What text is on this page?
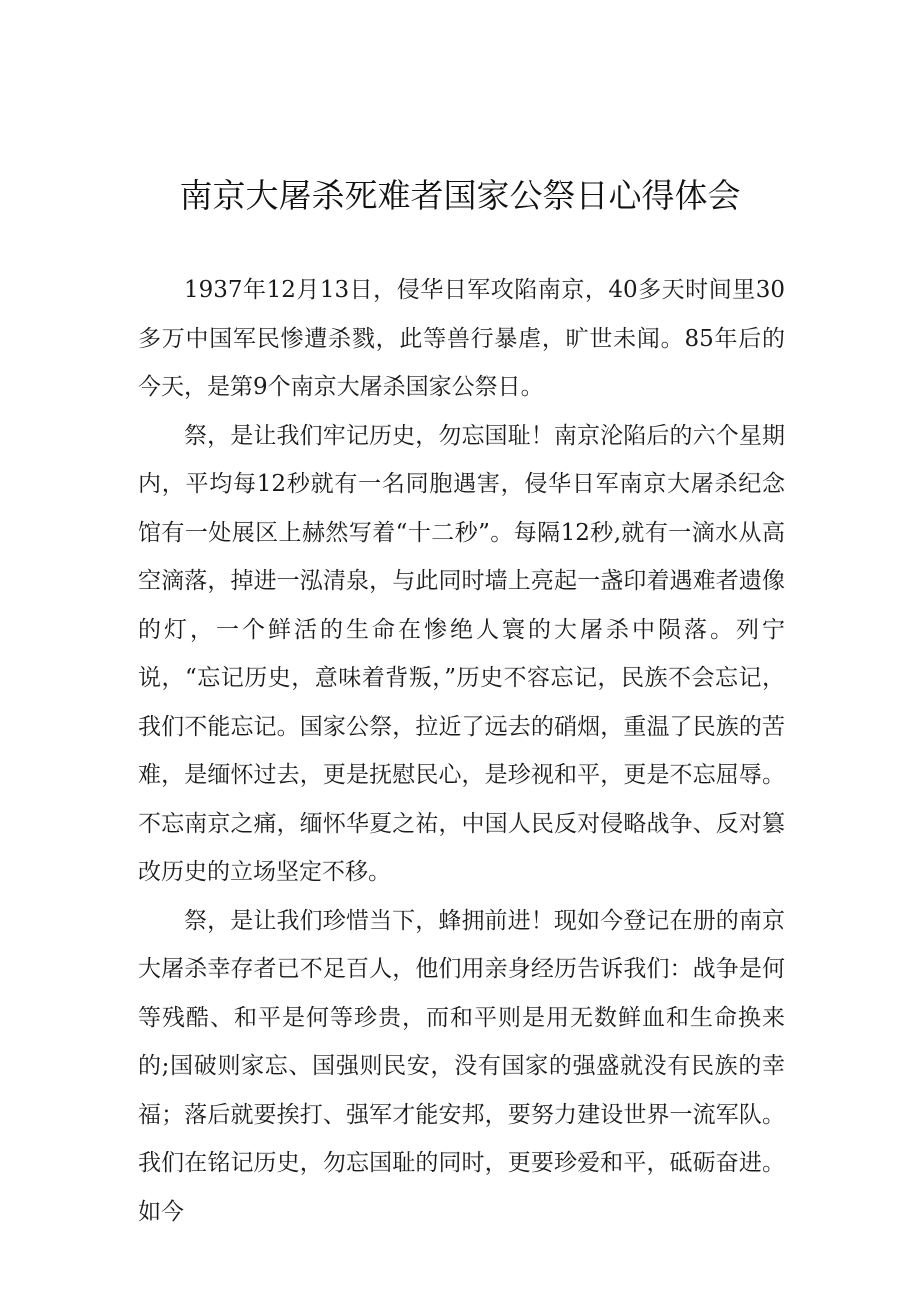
南京大屠杀死难者国家公祭日心得体会

1937年12月13日，侵华日军攻陷南京，40多天时间里30多万中国军民惨遭杀戮，此等兽行暴虐，旷世未闻。85年后的今天，是第9个南京大屠杀国家公祭日。

祭，是让我们牢记历史，勿忘国耻！南京沦陷后的六个星期内，平均每12秒就有一名同胞遇害，侵华日军南京大屠杀纪念馆有一处展区上赫然写着“十二秒”。每隔12秒,就有一滴水从高空滴落，掉进一泓清泉，与此同时墙上亮起一盏印着遇难者遗像的灯，一个鲜活的生命在惨绝人寰的大屠杀中陨落。列宁说，“忘记历史，意味着背叛，”历史不容忘记，民族不会忘记，我们不能忘记。国家公祭，拉近了远去的硝烟，重温了民族的苦难，是缅怀过去，更是抚慰民心，是珍视和平，更是不忘屈辱。不忘南京之痛，缅怀华夏之祐，中国人民反对侵略战争、反对篡改历史的立场坚定不移。

祭，是让我们珍惜当下，蜂拥前进！现如今登记在册的南京大屠杀幸存者已不足百人，他们用亲身经历告诉我们：战争是何等残酷、和平是何等珍贵，而和平则是用无数鲜血和生命换来的;国破则家忘、国强则民安，没有国家的强盛就没有民族的幸福；落后就要挨打、强军才能安邦，要努力建设世界一流军队。我们在铭记历史，勿忘国耻的同时，更要珍爱和平，砥砺奋进。如今
